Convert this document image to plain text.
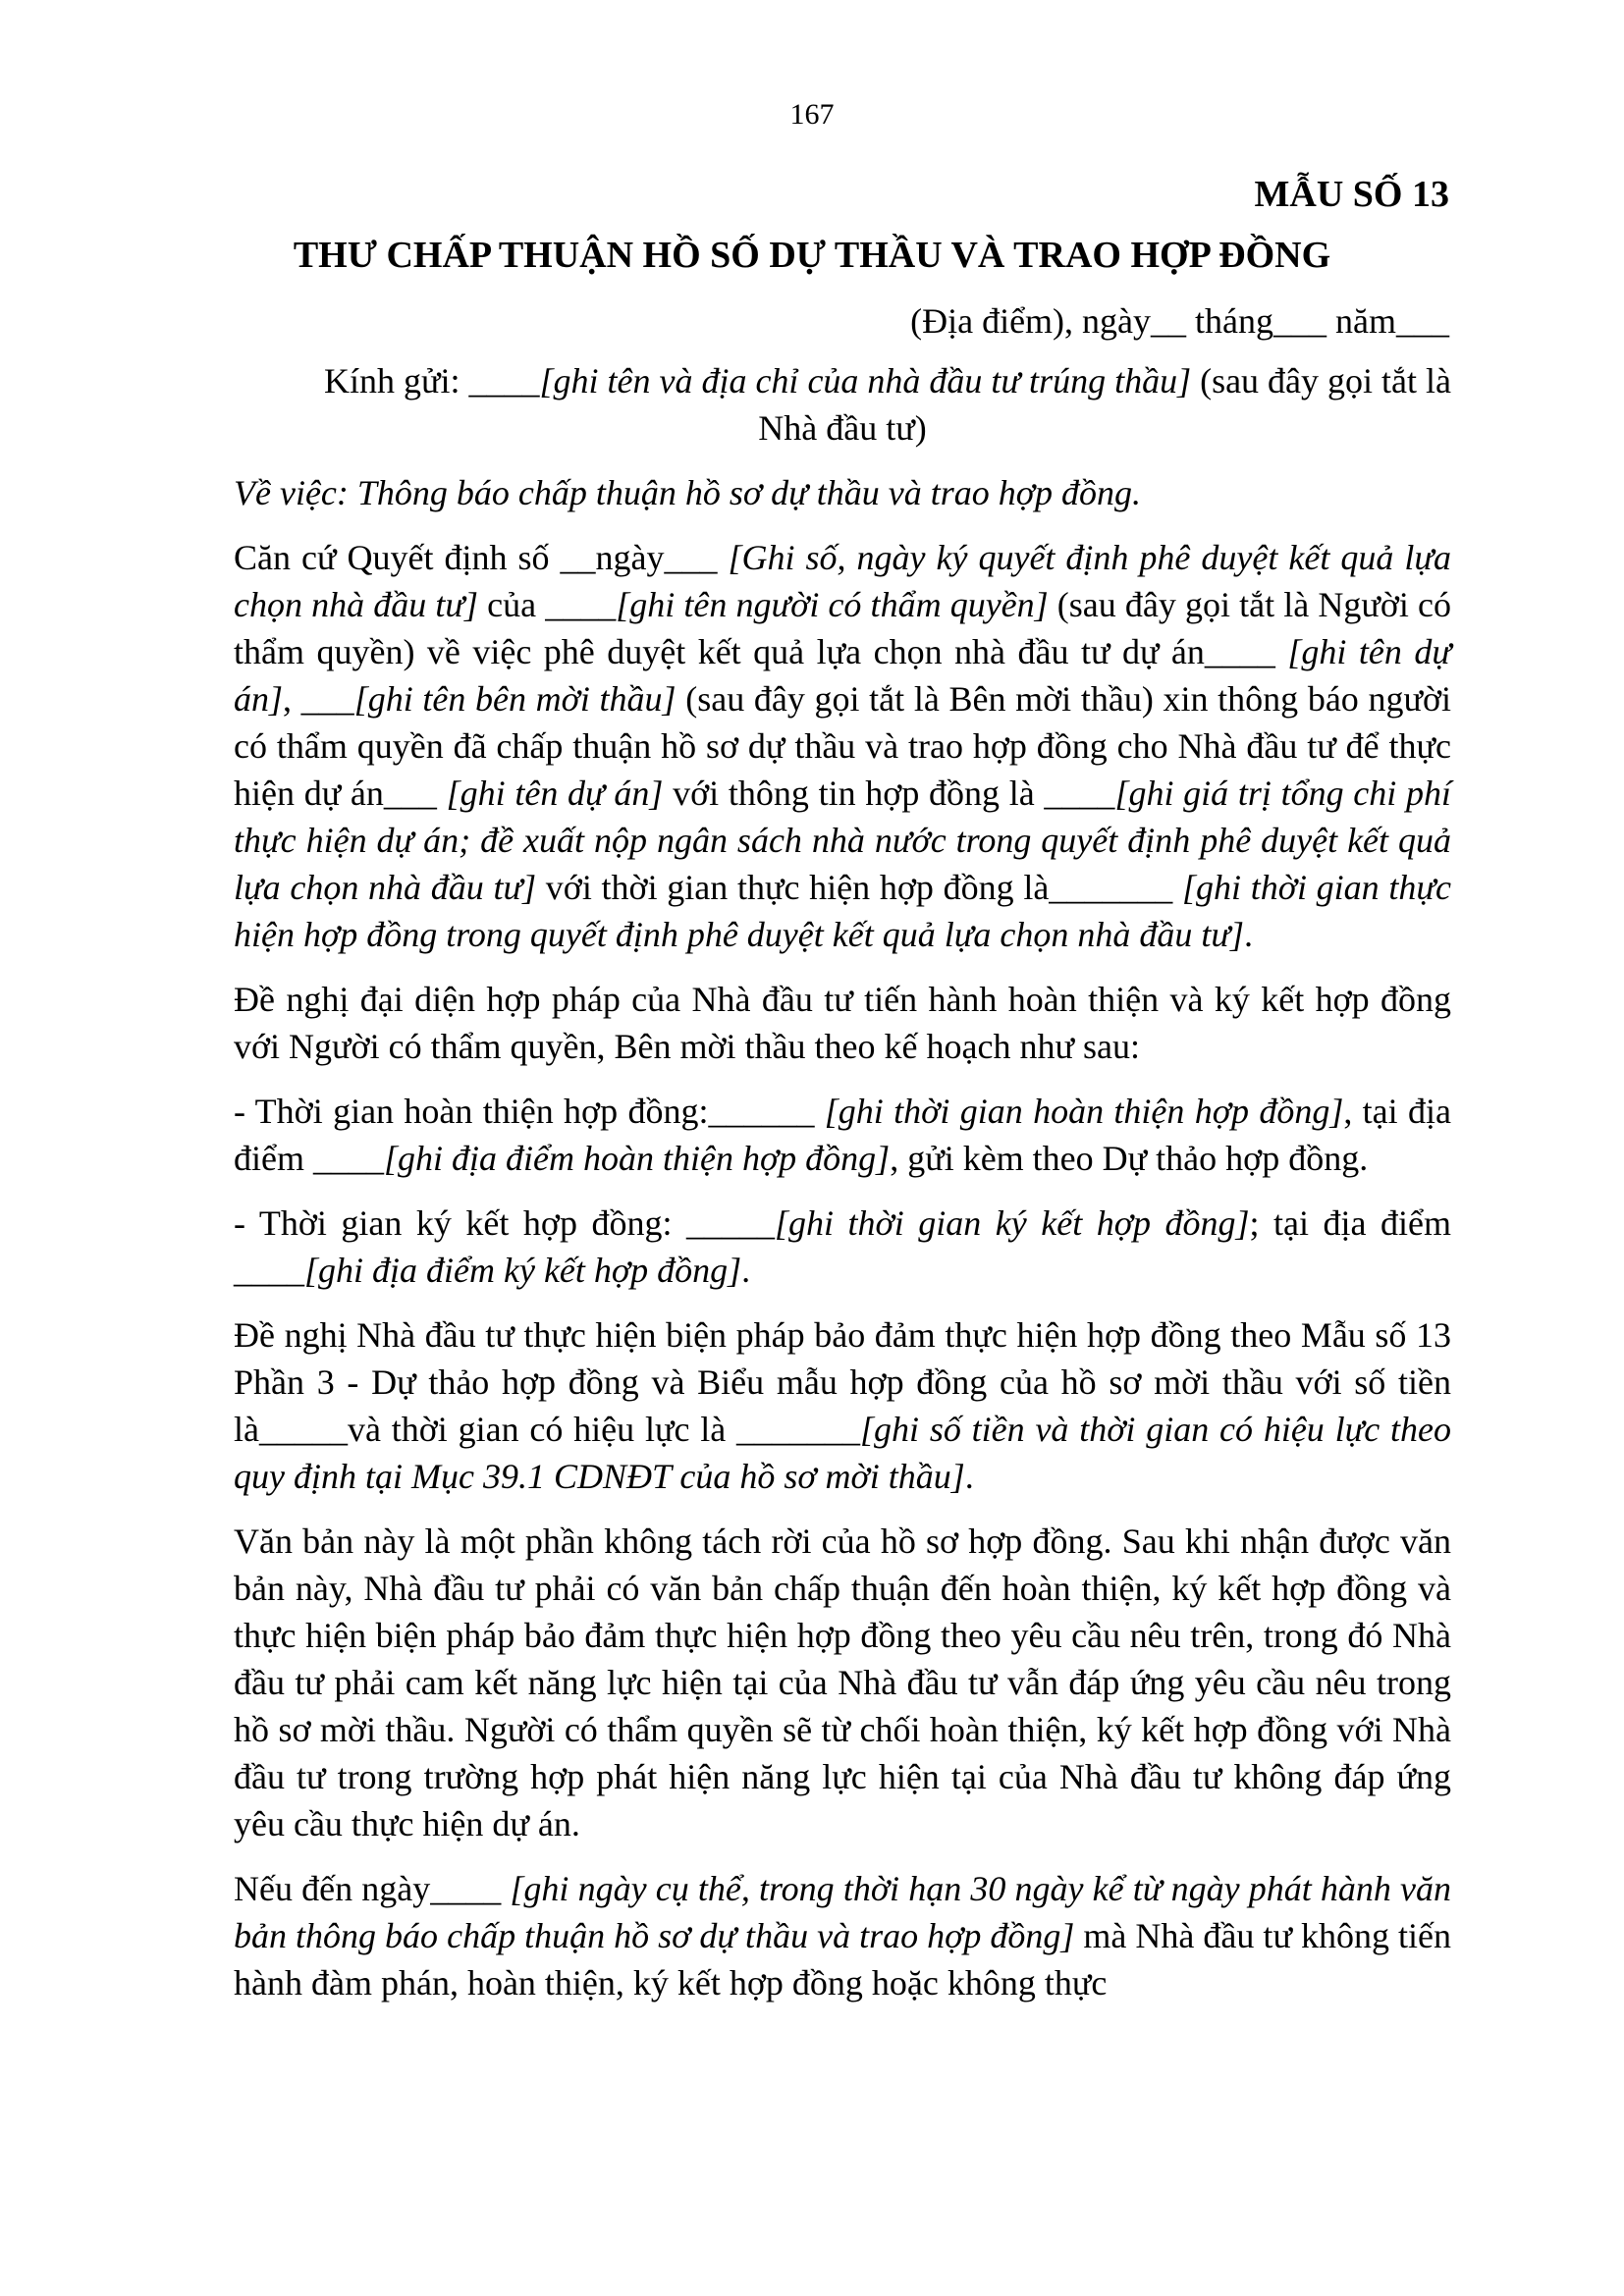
167
MẪU SỐ 13
THƯ CHẤP THUẬN HỒ SỐ DỰ THẦU VÀ TRAO HỢP ĐỒNG
(Địa điểm), ngày__ tháng___ năm___

Kính gửi: ____[ghi tên và địa chỉ của nhà đầu tư trúng thầu] (sau đây gọi tắt là
Nhà đầu tư)

Về việc: Thông báo chấp thuận hồ sơ dự thầu và trao hợp đồng.

Căn cứ Quyết định số __ngày___ [Ghi số, ngày ký quyết định phê duyệt kết quả lựa chọn nhà đầu tư] của ____[ghi tên người có thẩm quyền] (sau đây gọi tắt là Người có thẩm quyền) về việc phê duyệt kết quả lựa chọn nhà đầu tư dự án____ [ghi tên dự án], ___[ghi tên bên mời thầu] (sau đây gọi tắt là Bên mời thầu) xin thông báo người có thẩm quyền đã chấp thuận hồ sơ dự thầu và trao hợp đồng cho Nhà đầu tư để thực hiện dự án___ [ghi tên dự án] với thông tin hợp đồng là ____[ghi giá trị tổng chi phí thực hiện dự án; đề xuất nộp ngân sách nhà nước trong quyết định phê duyệt kết quả lựa chọn nhà đầu tư] với thời gian thực hiện hợp đồng là_______ [ghi thời gian thực hiện hợp đồng trong quyết định phê duyệt kết quả lựa chọn nhà đầu tư].

Đề nghị đại diện hợp pháp của Nhà đầu tư tiến hành hoàn thiện và ký kết hợp đồng với Người có thẩm quyền, Bên mời thầu theo kế hoạch như sau:

- Thời gian hoàn thiện hợp đồng:______ [ghi thời gian hoàn thiện hợp đồng], tại địa điểm ____[ghi địa điểm hoàn thiện hợp đồng], gửi kèm theo Dự thảo hợp đồng.

- Thời gian ký kết hợp đồng: _____[ghi thời gian ký kết hợp đồng]; tại địa điểm ____[ghi địa điểm ký kết hợp đồng].

Đề nghị Nhà đầu tư thực hiện biện pháp bảo đảm thực hiện hợp đồng theo Mẫu số 13 Phần 3 - Dự thảo hợp đồng và Biểu mẫu hợp đồng của hồ sơ mời thầu với số tiền là_____và thời gian có hiệu lực là _______[ghi số tiền và thời gian có hiệu lực theo quy định tại Mục 39.1 CDNĐT của hồ sơ mời thầu].

Văn bản này là một phần không tách rời của hồ sơ hợp đồng. Sau khi nhận được văn bản này, Nhà đầu tư phải có văn bản chấp thuận đến hoàn thiện, ký kết hợp đồng và thực hiện biện pháp bảo đảm thực hiện hợp đồng theo yêu cầu nêu trên, trong đó Nhà đầu tư phải cam kết năng lực hiện tại của Nhà đầu tư vẫn đáp ứng yêu cầu nêu trong hồ sơ mời thầu. Người có thẩm quyền sẽ từ chối hoàn thiện, ký kết hợp đồng với Nhà đầu tư trong trường hợp phát hiện năng lực hiện tại của Nhà đầu tư không đáp ứng yêu cầu thực hiện dự án.

Nếu đến ngày____ [ghi ngày cụ thể, trong thời hạn 30 ngày kể từ ngày phát hành văn bản thông báo chấp thuận hồ sơ dự thầu và trao hợp đồng] mà Nhà đầu tư không tiến hành đàm phán, hoàn thiện, ký kết hợp đồng hoặc không thực
